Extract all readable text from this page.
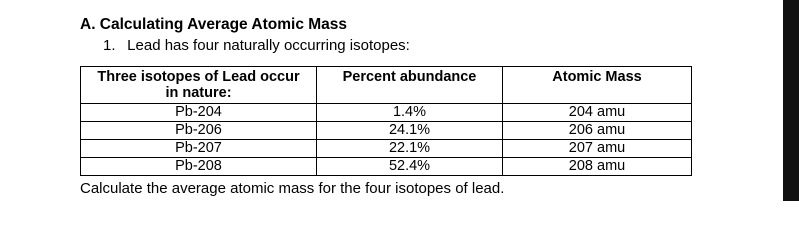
A. Calculating Average Atomic Mass
1. Lead has four naturally occurring isotopes:
Three isotopes of Lead occur
in nature:	Percent abundance	Atomic Mass
Pb-204	1.4%	204 amu
Pb-206	24.1%	206 amu
Pb-207	22.1%	207 amu
Pb-208	52.4%	208 amu
Calculate the average atomic mass for the four isotopes of lead.
